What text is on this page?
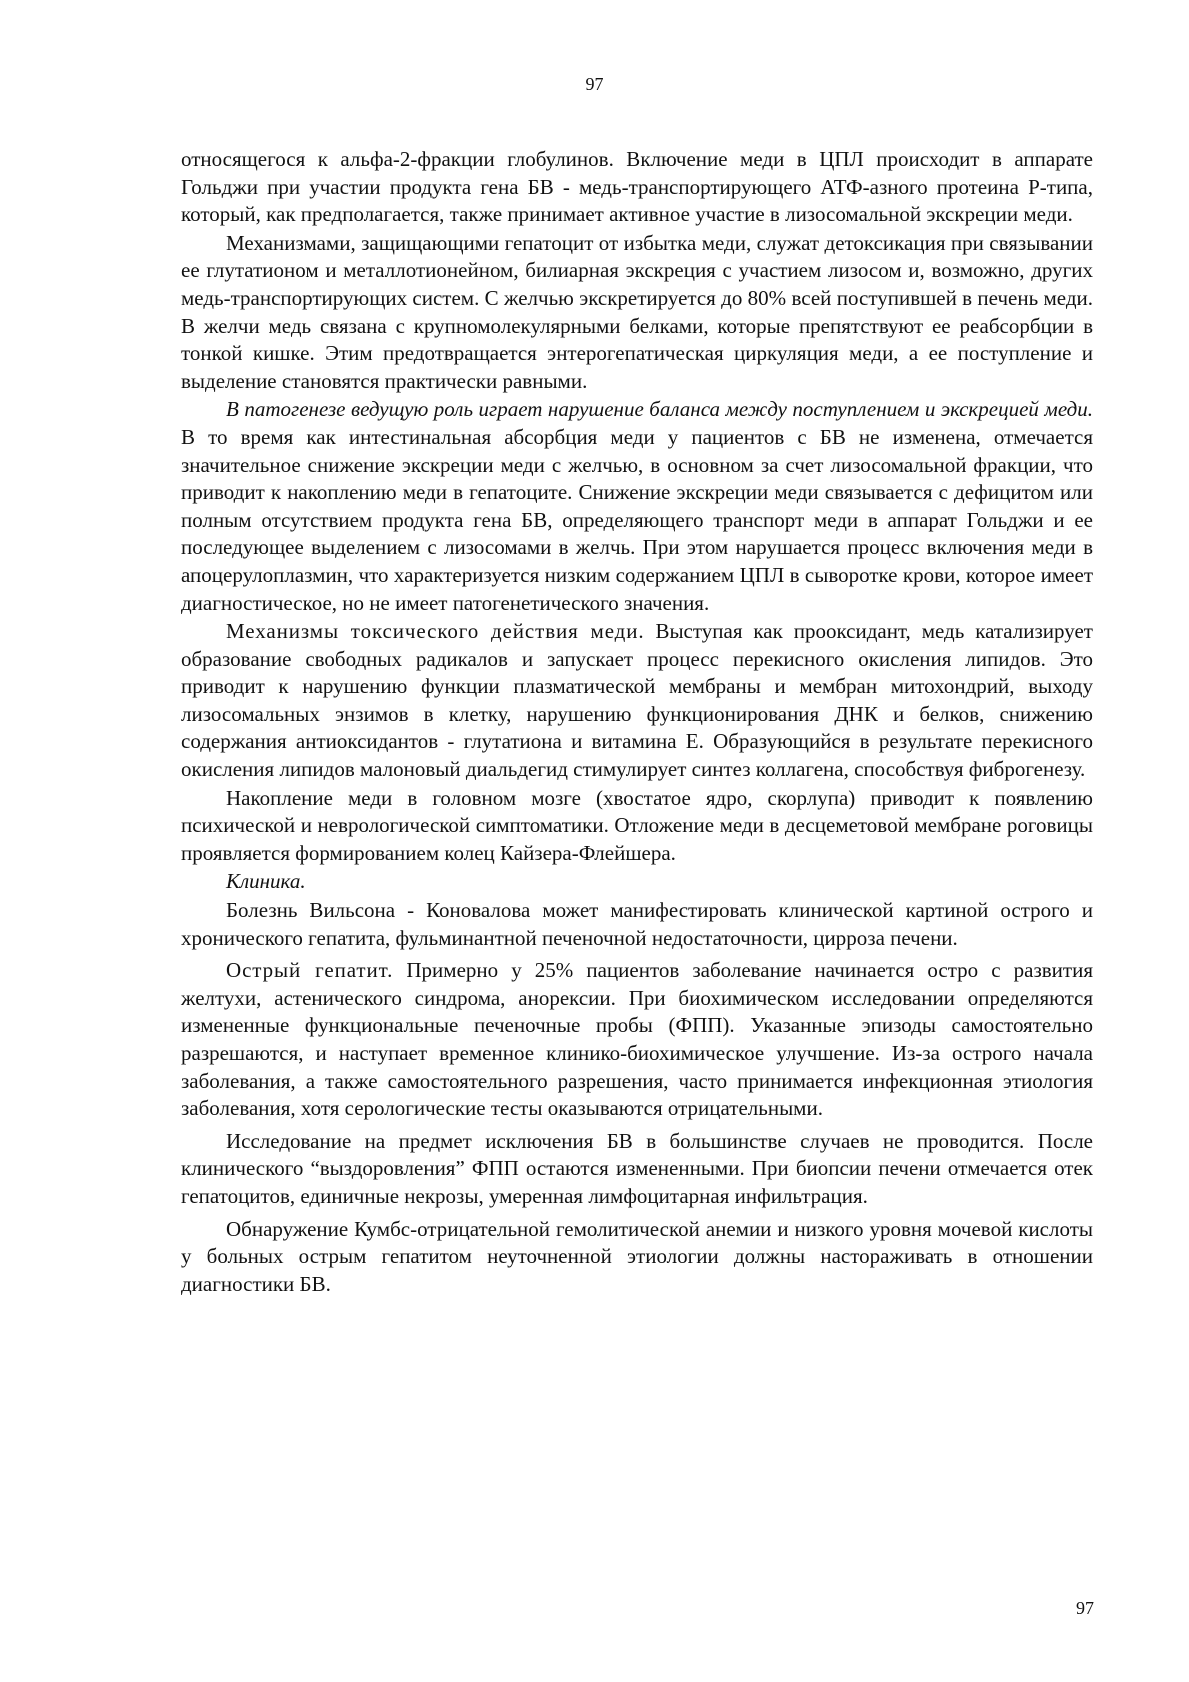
97

относящегося к альфа-2-фракции глобулинов. Включение меди в ЦПЛ происходит в аппарате Гольджи при участии продукта гена БВ - медь-транспортирующего АТФ-азного протеина Р-типа, который, как предполагается, также принимает активное участие в лизосомальной экскреции меди.

Механизмами, защищающими гепатоцит от избытка меди, служат детоксикация при связывании ее глутатионом и металлотионейном, билиарная экскреция с участием лизосом и, возможно, других медь-транспортирующих систем. С желчью экскретируется до 80% всей поступившей в печень меди. В желчи медь связана с крупномолекулярными белками, которые препятствуют ее реабсорбции в тонкой кишке. Этим предотвращается энтерогепатическая циркуляция меди, а ее поступление и выделение становятся практически равными.

В патогенезе ведущую роль играет нарушение баланса между поступлением и экскрецией меди. В то время как интестинальная абсорбция меди у пациентов с БВ не изменена, отмечается значительное снижение экскреции меди с желчью, в основном за счет лизосомальной фракции, что приводит к накоплению меди в гепатоците. Снижение экскреции меди связывается с дефицитом или полным отсутствием продукта гена БВ, определяющего транспорт меди в аппарат Гольджи и ее последующее выделением с лизосомами в желчь. При этом нарушается процесс включения меди в апоцерулоплазмин, что характеризуется низким содержанием ЦПЛ в сыворотке крови, которое имеет диагностическое, но не имеет патогенетического значения.

Механизмы токсического действия меди. Выступая как прооксидант, медь катализирует образование свободных радикалов и запускает процесс перекисного окисления липидов. Это приводит к нарушению функции плазматической мембраны и мембран митохондрий, выходу лизосомальных энзимов в клетку, нарушению функционирования ДНК и белков, снижению содержания антиоксидантов - глутатиона и витамина Е. Образующийся в результате перекисного окисления липидов малоновый диальдегид стимулирует синтез коллагена, способствуя фиброгенезу.

Накопление меди в головном мозге (хвостатое ядро, скорлупа) приводит к появлению психической и неврологической симптоматики. Отложение меди в десцеметовой мембране роговицы проявляется формированием колец Кайзера-Флейшера.

Клиника.

Болезнь Вильсона - Коновалова может манифестировать клинической картиной острого и хронического гепатита, фульминантной печеночной недостаточности, цирроза печени.

Острый гепатит. Примерно у 25% пациентов заболевание начинается остро с развития желтухи, астенического синдрома, анорексии. При биохимическом исследовании определяются измененные функциональные печеночные пробы (ФПП). Указанные эпизоды самостоятельно разрешаются, и наступает временное клинико-биохимическое улучшение. Из-за острого начала заболевания, а также самостоятельного разрешения, часто принимается инфекционная этиология заболевания, хотя серологические тесты оказываются отрицательными.

Исследование на предмет исключения БВ в большинстве случаев не проводится. После клинического “выздоровления” ФПП остаются измененными. При биопсии печени отмечается отек гепатоцитов, единичные некрозы, умеренная лимфоцитарная инфильтрация.

Обнаружение Кумбс-отрицательной гемолитической анемии и низкого уровня мочевой кислоты у больных острым гепатитом неуточненной этиологии должны настораживать в отношении диагностики БВ.

97
